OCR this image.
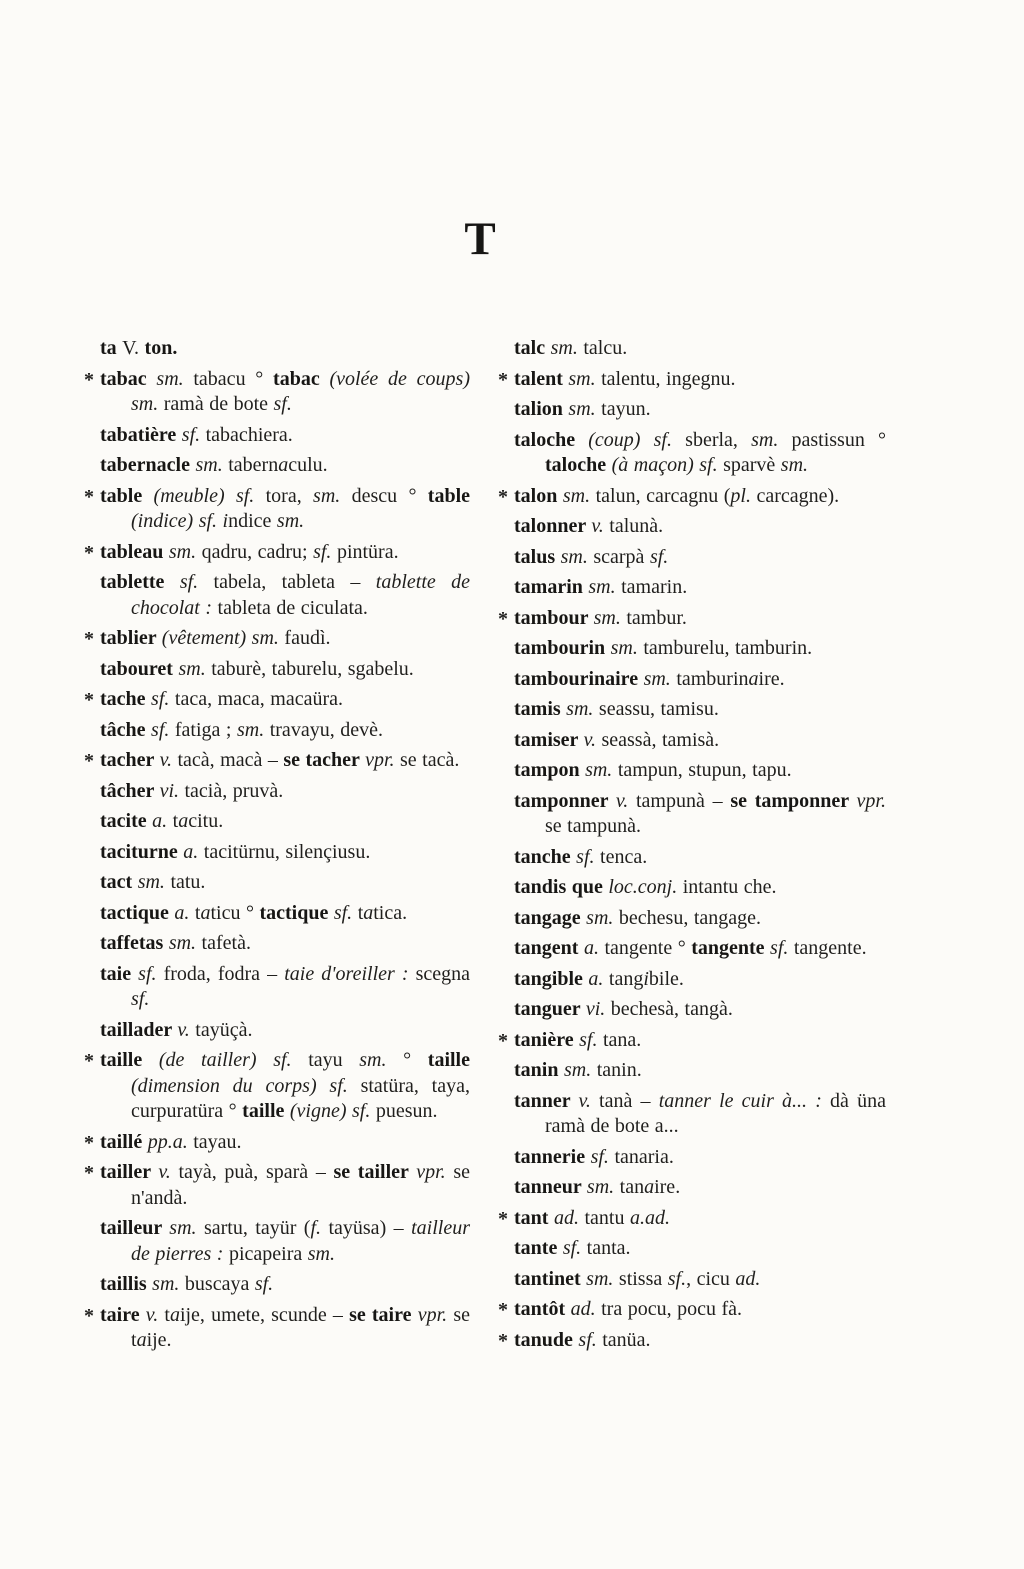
T

ta V. ton.

* tabac sm. tabacu ° tabac (volée de coups) sm. ramà de bote sf.

tabatière sf. tabachiera.

tabernacle sm. tabernaculu.

* table (meuble) sf. tora, sm. descu ° table (indice) sf. indice sm.

* tableau sm. qadru, cadru; sf. pintüra.

tablette sf. tabela, tableta – tablette de chocolat : tableta de ciculata.

* tablier (vêtement) sm. faudì.

tabouret sm. taburè, taburelu, sgabelu.

* tache sf. taca, maca, macaüra.

tâche sf. fatiga ; sm. travayu, devè.

* tacher v. tacà, macà – se tacher vpr. se tacà.

tâcher vi. tacià, pruvà.

tacite a. tacitu.

taciturne a. tacitürnu, silençiusu.

tact sm. tatu.

tactique a. taticu ° tactique sf. tatica.

taffetas sm. tafetà.

taie sf. froda, fodra – taie d'oreiller : scegna sf.

taillader v. tayüçà.

* taille (de tailler) sf. tayu sm. ° taille (dimension du corps) sf. statüra, taya, curpuratüra ° taille (vigne) sf. puesun.

* taillé pp.a. tayau.

* tailler v. tayà, puà, sparà – se tailler vpr. se n'andà.

tailleur sm. sartu, tayür (f. tayüsa) – tailleur de pierres : picapeira sm.

taillis sm. buscaya sf.

* taire v. taije, umete, scunde – se taire vpr. se taije.

talc sm. talcu.

* talent sm. talentu, ingegnu.

talion sm. tayun.

taloche (coup) sf. sberla, sm. pastissun ° taloche (à maçon) sf. sparvè sm.

* talon sm. talun, carcagnu (pl. carcagne).

talonner v. talunà.

talus sm. scarpà sf.

tamarin sm. tamarin.

* tambour sm. tambur.

tambourin sm. tamburelu, tamburin.

tambourinaire sm. tamburinaire.

tamis sm. seassu, tamisu.

tamiser v. seassà, tamisà.

tampon sm. tampun, stupun, tapu.

tamponner v. tampunà – se tamponner vpr. se tampunà.

tanche sf. tenca.

tandis que loc.conj. intantu che.

tangage sm. bechesu, tangage.

tangent a. tangente ° tangente sf. tangente.

tangible a. tangibile.

tanguer vi. bechesà, tangà.

* tanière sf. tana.

tanin sm. tanin.

tanner v. tanà – tanner le cuir à... : dà üna ramà de bote a...

tannerie sf. tanaria.

tanneur sm. tanaire.

* tant ad. tantu a.ad.

tante sf. tanta.

tantinet sm. stissa sf., cicu ad.

* tantôt ad. tra pocu, pocu fà.

* tanude sf. tanüa.
